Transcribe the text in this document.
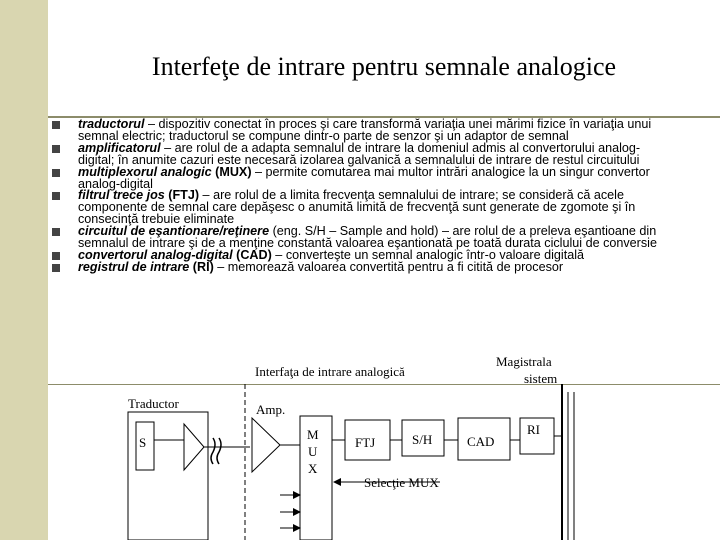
Interfeţe de intrare pentru semnale analogice
traductorul – dispozitiv conectat în proces şi care transformă variaţia unei mărimi fizice în variaţia unui semnal electric; traductorul se compune dintr-o parte de senzor şi un adaptor de semnal
amplificatorul – are rolul de a adapta semnalul de intrare la domeniul admis al convertorului analog-digital; în anumite cazuri este necesară izolarea galvanică a semnalului de intrare de restul circuitului
multiplexorul analogic (MUX) – permite comutarea mai multor intrări analogice la un singur convertor analog-digital
filtrul trece jos (FTJ) – are rolul de a limita frecvenţa semnalului de intrare; se consideră că acele componente de semnal care depăşesc o anumită limită de frecvenţă sunt generate de zgomote şi în consecinţă trebuie eliminate
circuitul de eşantionare/reţinere (eng. S/H – Sample and hold) – are rolul de a preleva eşantioane din semnalul de intrare şi de a menţine constantă valoarea eşantionată pe toată durata ciclului de conversie
convertorul analog-digital (CAD) – converteşte un semnal analogic într-o valoare digitală
registrul de intrare (RI) – memorează valoarea convertită pentru a fi citită de procesor
Interfaţa de intrare analogică
Magistrala
sistem
Traductor
S
Amp.
M
U
X
FTJ	S/H	CAD
RI
Selecţie MUX
